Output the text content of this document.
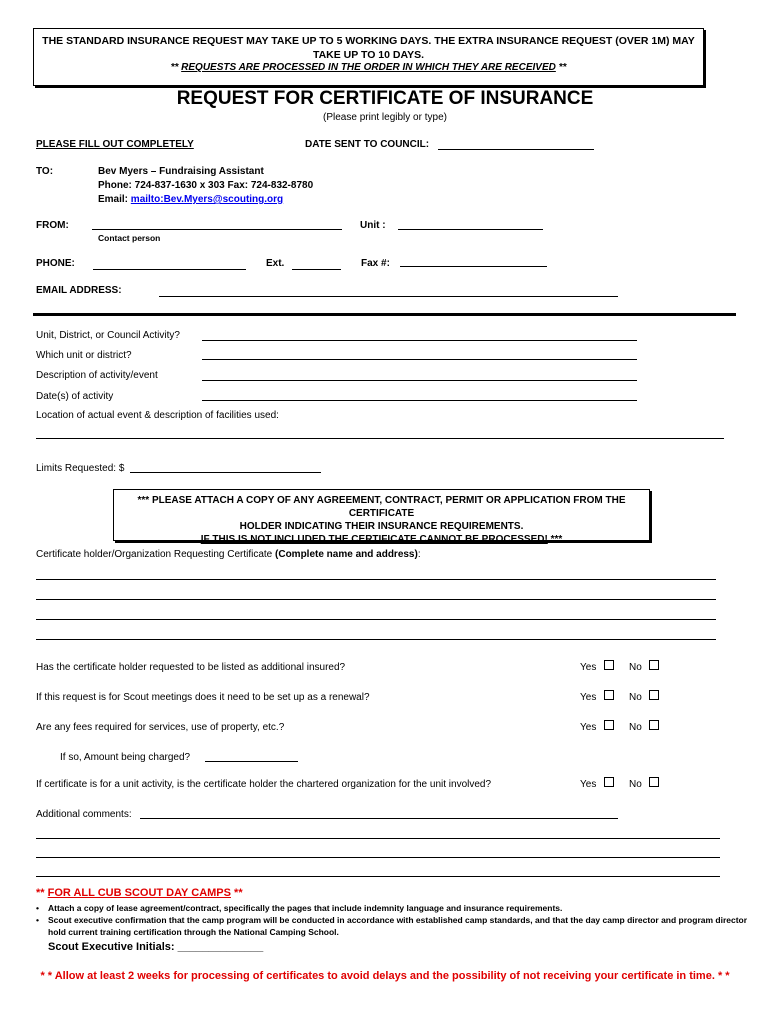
THE STANDARD INSURANCE REQUEST MAY TAKE UP TO 5 WORKING DAYS. THE EXTRA INSURANCE REQUEST (OVER 1M) MAY
TAKE UP TO 10 DAYS.
** REQUESTS ARE PROCESSED IN THE ORDER IN WHICH THEY ARE RECEIVED **
REQUEST FOR CERTIFICATE OF INSURANCE
(Please print legibly or type)
PLEASE FILL OUT COMPLETELY	DATE SENT TO COUNCIL:
TO:	Bev Myers – Fundraising Assistant
Phone: 724-837-1630 x 303 Fax: 724-832-8780
Email: mailto:Bev.Myers@scouting.org
FROM:	Unit :
Contact person
PHONE:	Ext.	Fax #:
EMAIL ADDRESS:
Unit, District, or Council Activity?
Which unit or district?
Description of activity/event
Date(s) of activity
Location of actual event & description of facilities used:
Limits Requested: $
*** PLEASE ATTACH A COPY OF ANY AGREEMENT, CONTRACT, PERMIT OR APPLICATION FROM THE CERTIFICATE
HOLDER INDICATING THEIR INSURANCE REQUIREMENTS.
IF THIS IS NOT INCLUDED THE CERTIFICATE CANNOT BE PROCESSED! ***
Certificate holder/Organization Requesting Certificate (Complete name and address):
Has the certificate holder requested to be listed as additional insured?	Yes	No
If this request is for Scout meetings does it need to be set up as a renewal?	Yes	No
Are any fees required for services, use of property, etc.?	Yes	No
If so, Amount being charged?
If certificate is for a unit activity, is the certificate holder the chartered organization for the unit involved?	Yes	No
Additional comments:
** FOR ALL CUB SCOUT DAY CAMPS **
• Attach a copy of lease agreement/contract, specifically the pages that include indemnity language and insurance requirements.
• Scout executive confirmation that the camp program will be conducted in accordance with established camp standards, and that the day camp director and program director
hold current training certification through the National Camping School.
Scout Executive Initials: ______________
* * Allow at least 2 weeks for processing of certificates to avoid delays and the possibility of not receiving your certificate in time. * *
